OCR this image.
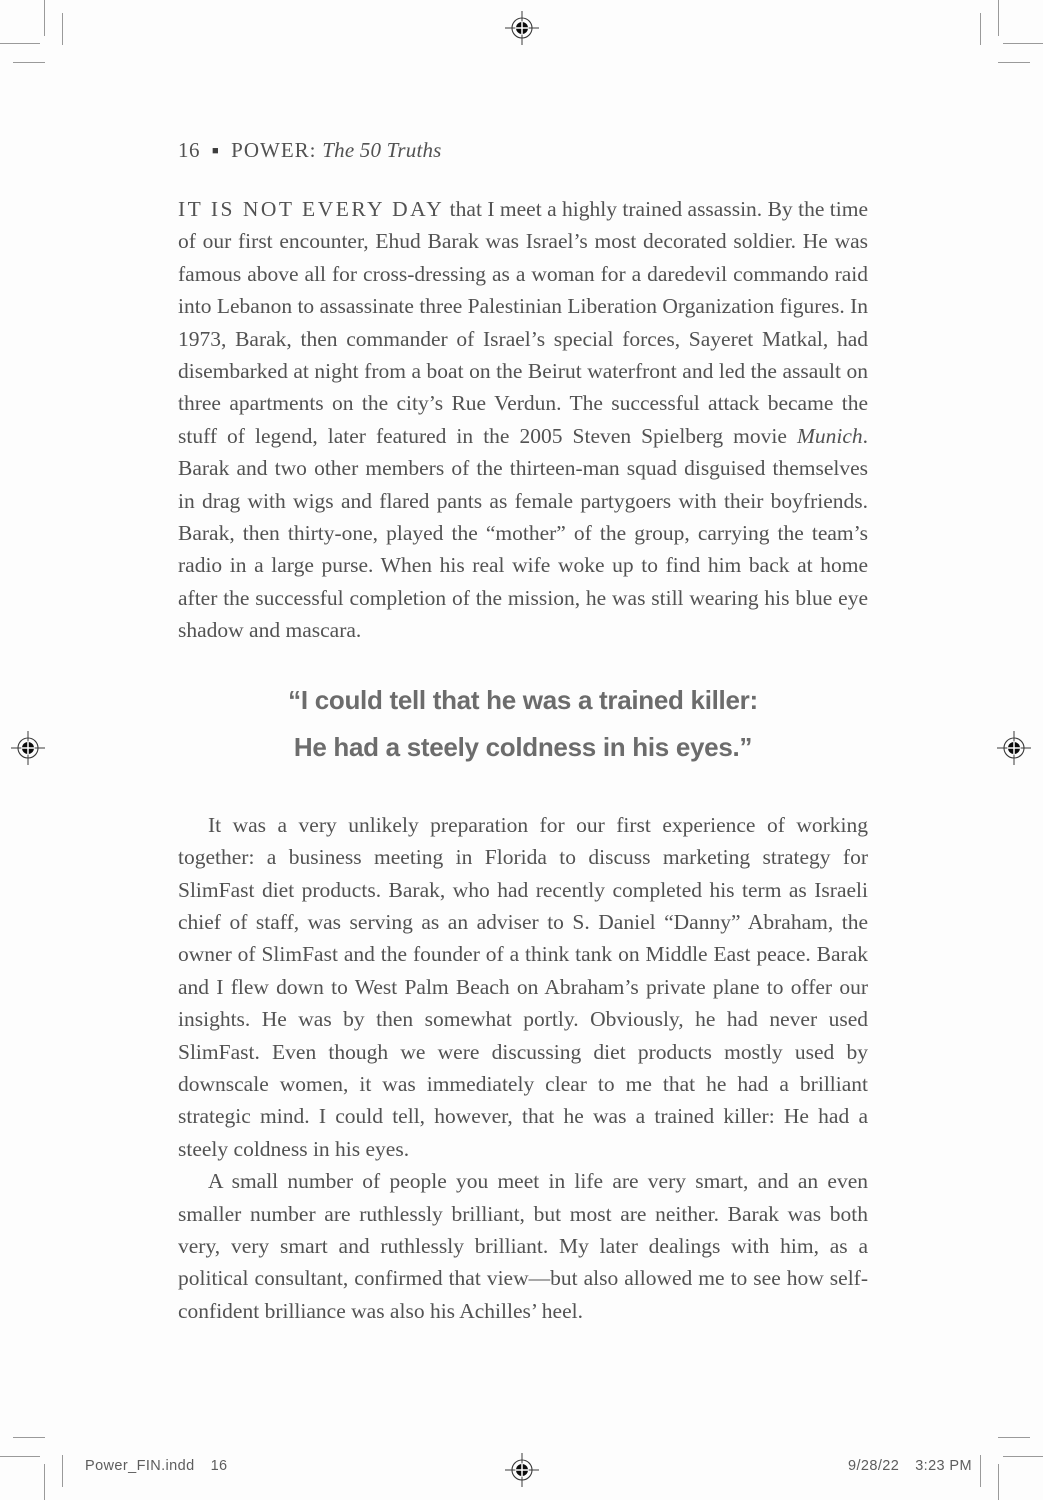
16 ■ POWER: The 50 Truths

IT IS NOT EVERY DAY that I meet a highly trained assassin. By the time of our first encounter, Ehud Barak was Israel’s most decorated soldier. He was famous above all for cross-dressing as a woman for a daredevil commando raid into Lebanon to assassinate three Palestinian Liberation Organization figures. In 1973, Barak, then commander of Israel’s special forces, Sayeret Matkal, had disembarked at night from a boat on the Beirut waterfront and led the assault on three apartments on the city’s Rue Verdun. The successful attack became the stuff of legend, later featured in the 2005 Steven Spielberg movie Munich. Barak and two other members of the thirteen-man squad disguised themselves in drag with wigs and flared pants as female partygoers with their boyfriends. Barak, then thirty-one, played the “mother” of the group, carrying the team’s radio in a large purse. When his real wife woke up to find him back at home after the successful completion of the mission, he was still wearing his blue eye shadow and mascara.

“I could tell that he was a trained killer:
He had a steely coldness in his eyes.”

It was a very unlikely preparation for our first experience of working together: a business meeting in Florida to discuss marketing strategy for SlimFast diet products. Barak, who had recently completed his term as Israeli chief of staff, was serving as an adviser to S. Daniel “Danny” Abraham, the owner of SlimFast and the founder of a think tank on Middle East peace. Barak and I flew down to West Palm Beach on Abraham’s private plane to offer our insights. He was by then somewhat portly. Obviously, he had never used SlimFast. Even though we were discussing diet products mostly used by downscale women, it was immediately clear to me that he had a brilliant strategic mind. I could tell, however, that he was a trained killer: He had a steely coldness in his eyes.

A small number of people you meet in life are very smart, and an even smaller number are ruthlessly brilliant, but most are neither. Barak was both very, very smart and ruthlessly brilliant. My later dealings with him, as a political consultant, confirmed that view—but also allowed me to see how self-confident brilliance was also his Achilles’ heel.

Power_FIN.indd 16	9/28/22 3:23 PM
